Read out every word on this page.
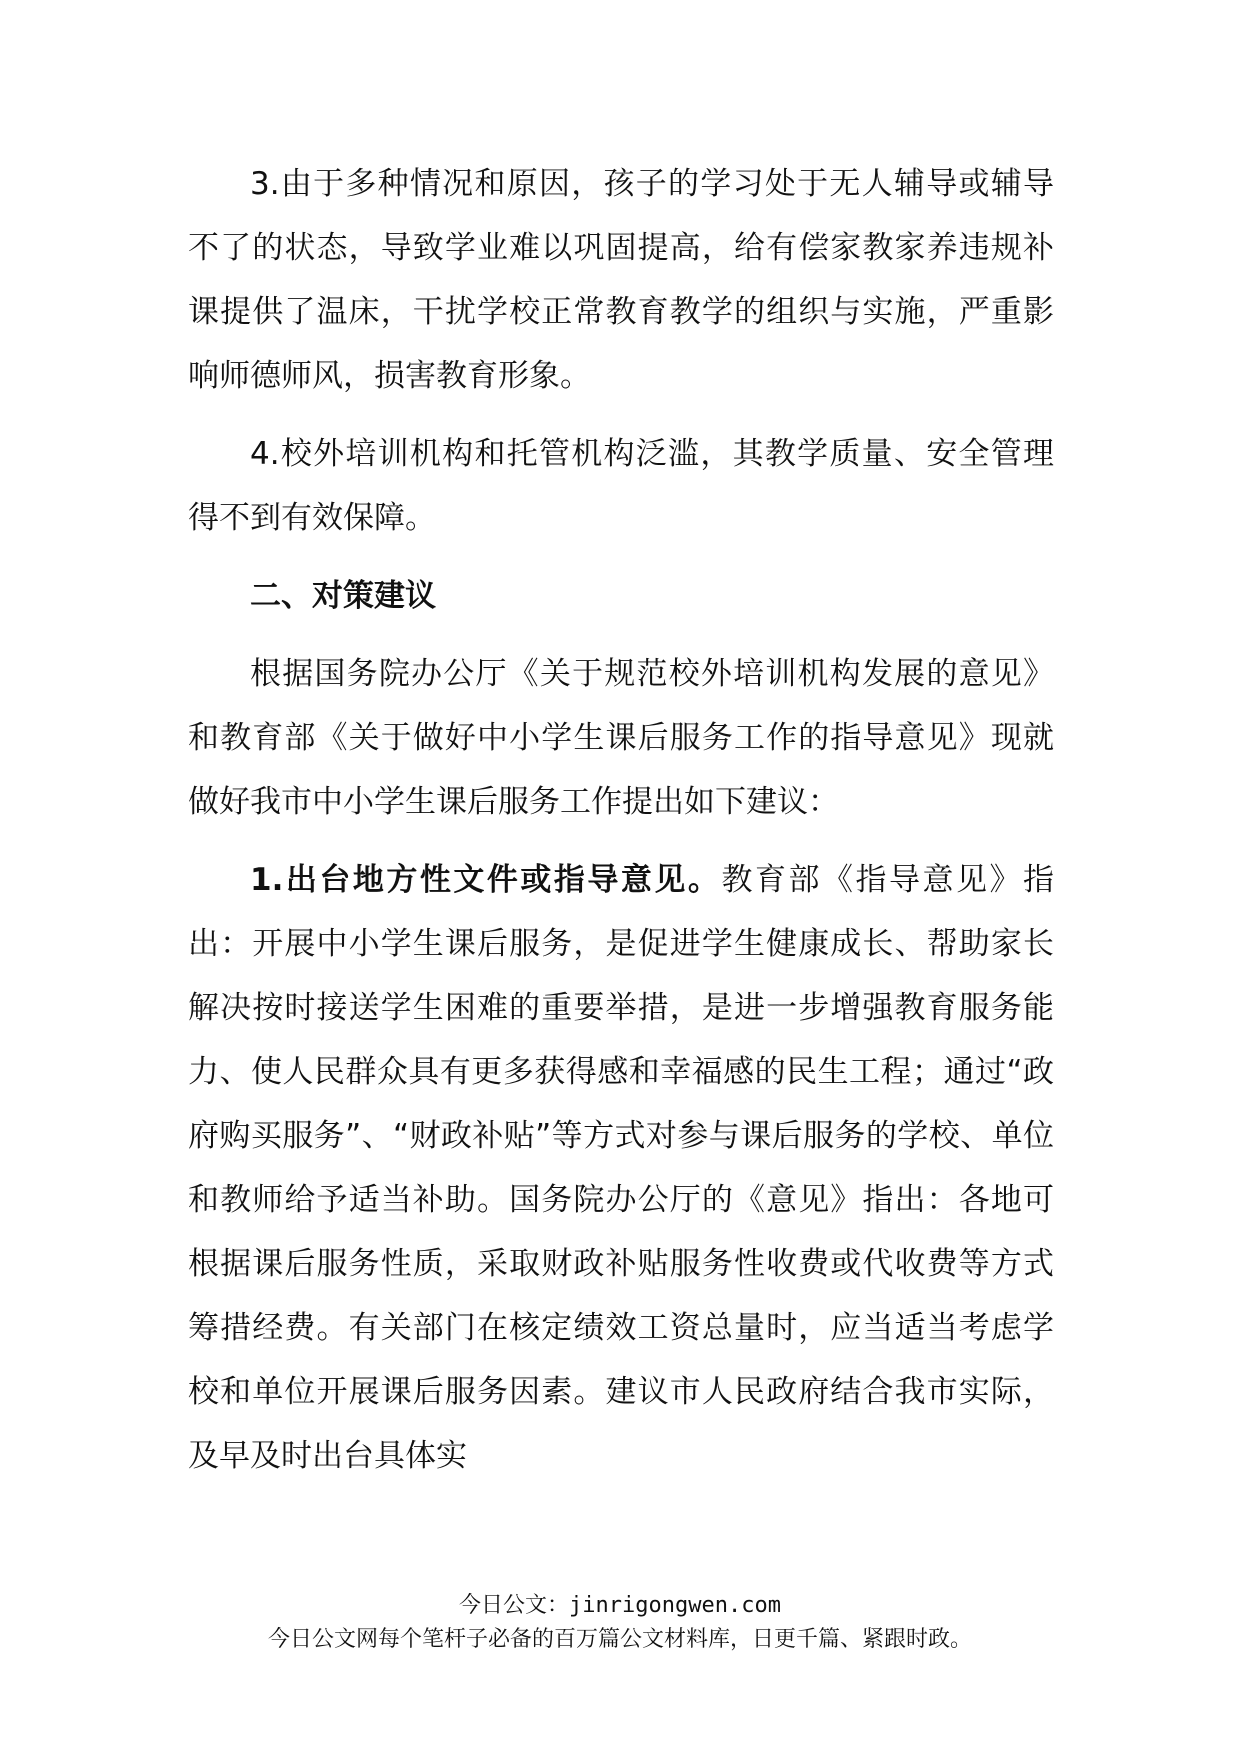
3.由于多种情况和原因，孩子的学习处于无人辅导或辅导不了的状态，导致学业难以巩固提高，给有偿家教家养违规补课提供了温床，干扰学校正常教育教学的组织与实施，严重影响师德师风，损害教育形象。

4.校外培训机构和托管机构泛滥，其教学质量、安全管理得不到有效保障。

二、对策建议

根据国务院办公厅《关于规范校外培训机构发展的意见》和教育部《关于做好中小学生课后服务工作的指导意见》现就做好我市中小学生课后服务工作提出如下建议：

1.出台地方性文件或指导意见。教育部《指导意见》指出：开展中小学生课后服务，是促进学生健康成长、帮助家长解决按时接送学生困难的重要举措，是进一步增强教育服务能力、使人民群众具有更多获得感和幸福感的民生工程；通过“政府购买服务”、“财政补贴”等方式对参与课后服务的学校、单位和教师给予适当补助。国务院办公厅的《意见》指出：各地可根据课后服务性质，采取财政补贴服务性收费或代收费等方式筹措经费。有关部门在核定绩效工资总量时，应当适当考虑学校和单位开展课后服务因素。建议市人民政府结合我市实际，及早及时出台具体实

今日公文：jinrigongwen.com
今日公文网每个笔杆子必备的百万篇公文材料库，日更千篇、紧跟时政。
